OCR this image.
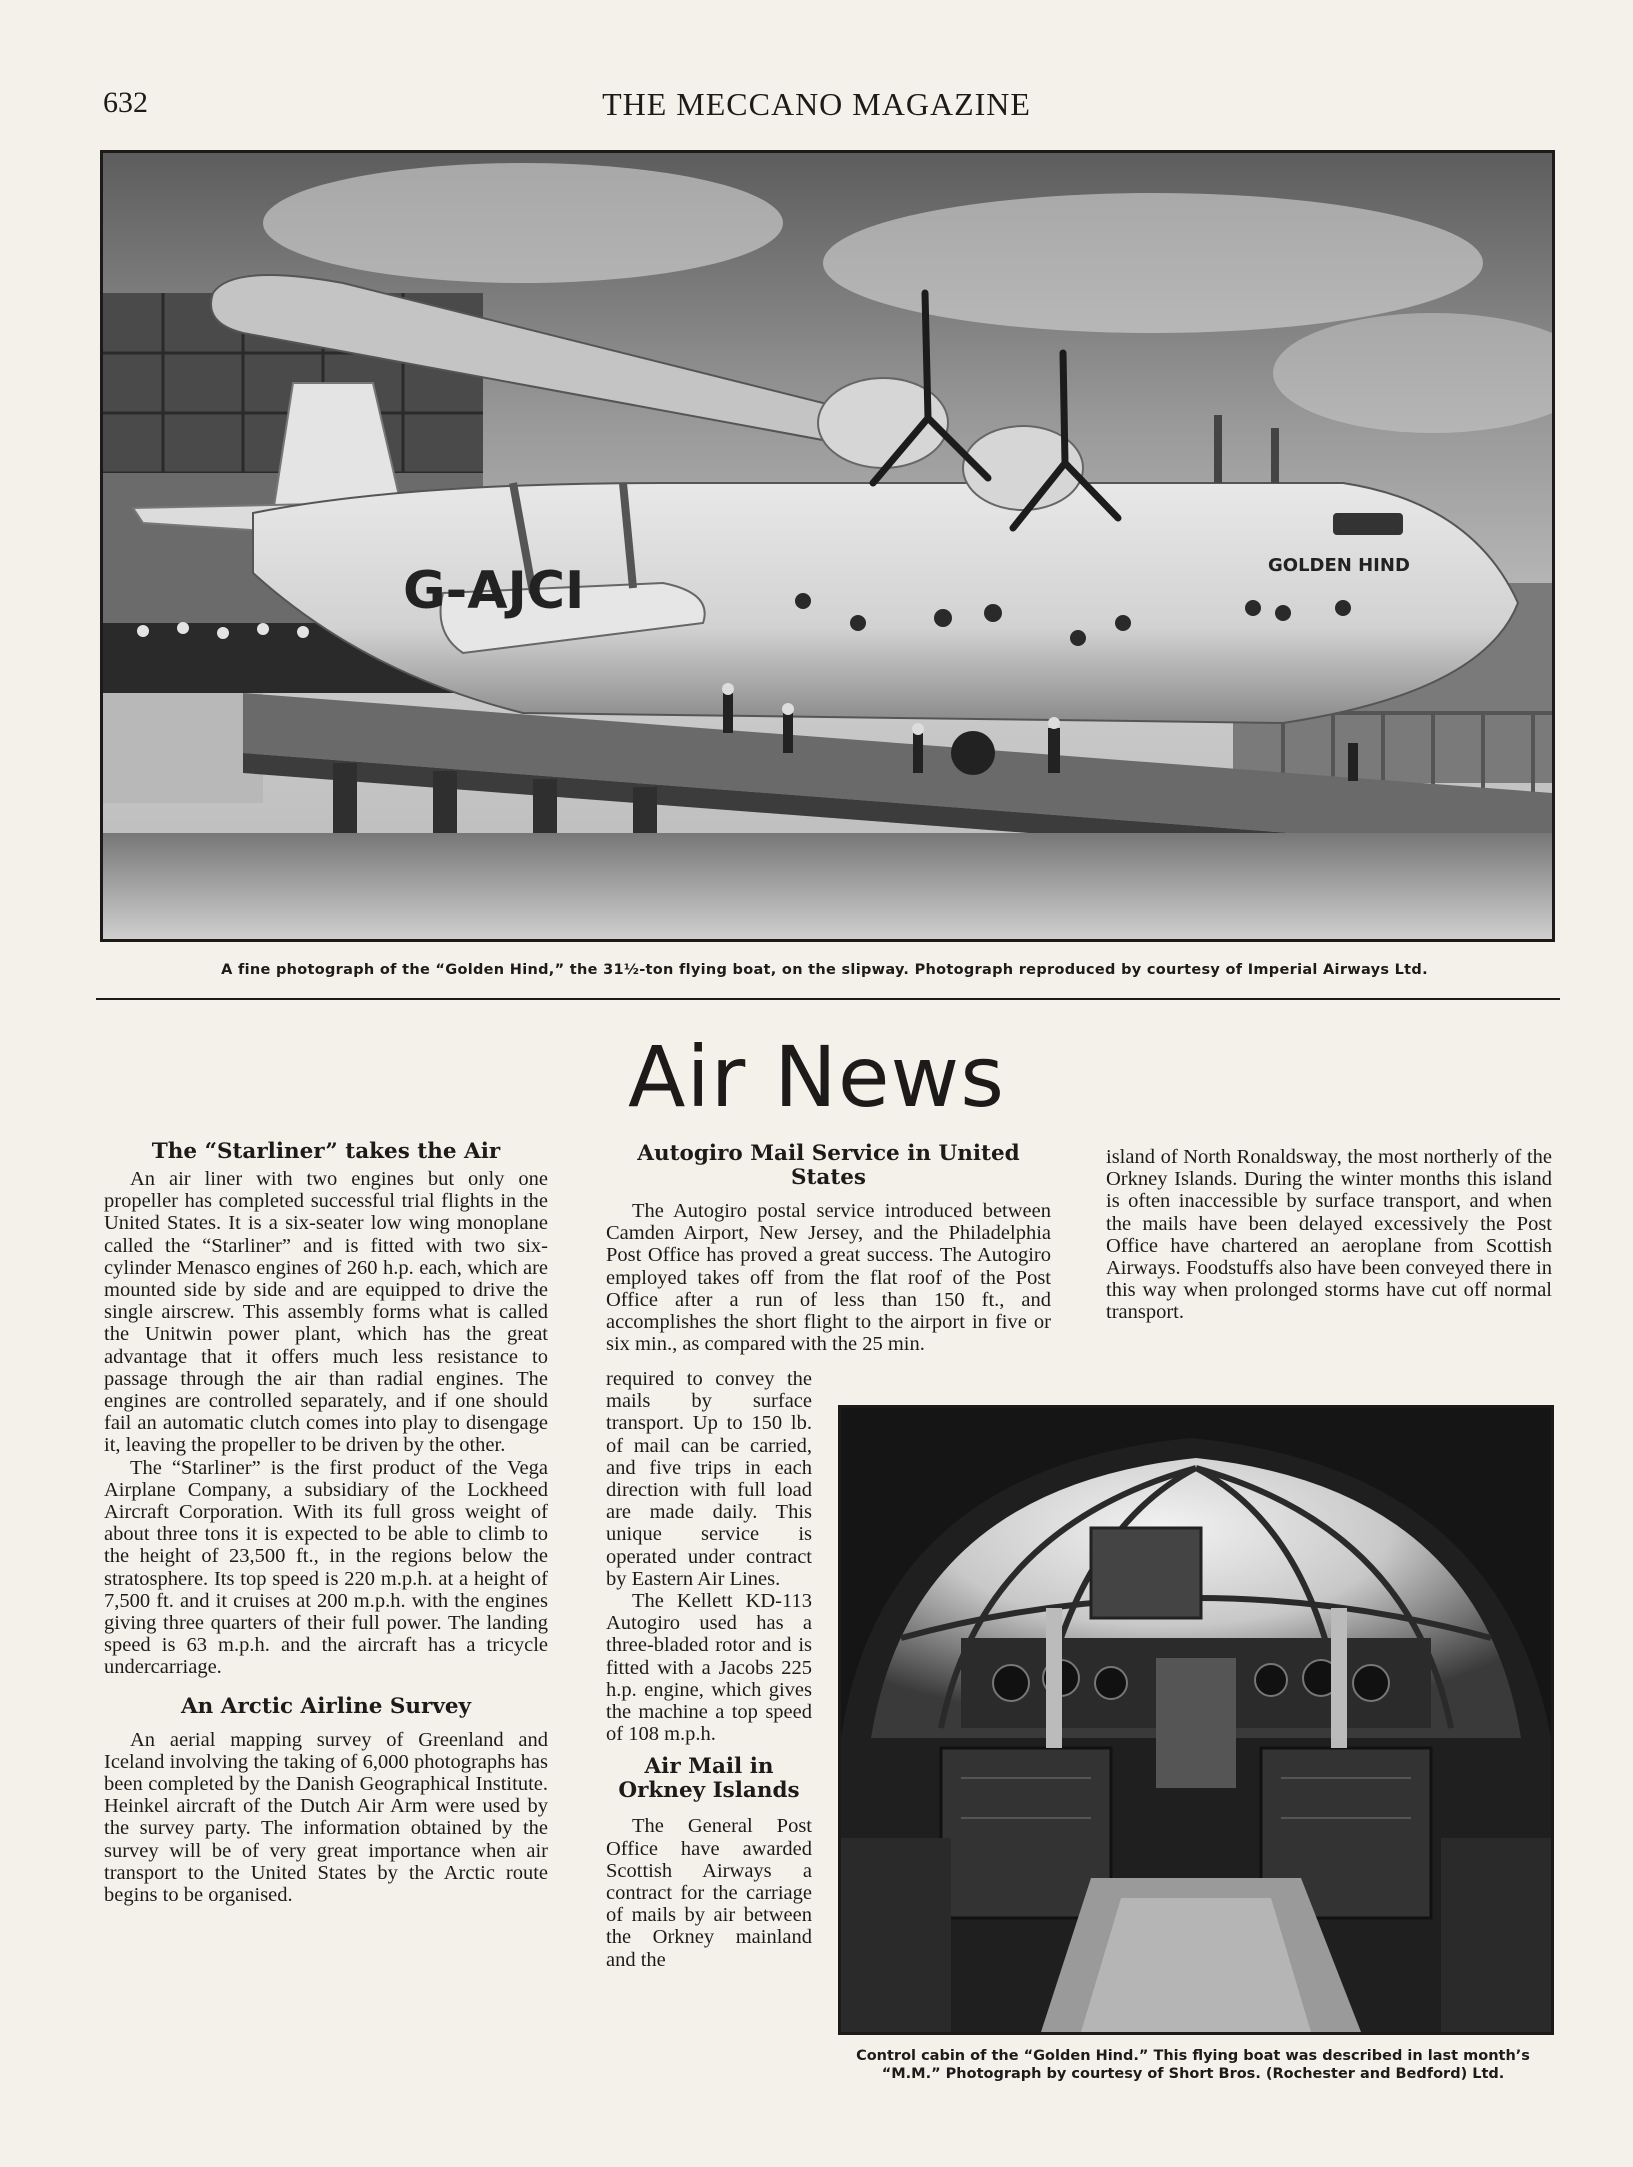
632	THE MECCANO MAGAZINE
G-AJCI	GOLDEN HIND
A fine photograph of the “Golden Hind,” the 31½-ton flying boat, on the slipway. Photograph reproduced by courtesy of Imperial Airways Ltd.
Air News
The “Starliner” takes the Air

An air liner with two engines but only one propeller has completed successful trial flights in the United States. It is a six-seater low wing monoplane called the “Starliner” and is fitted with two six-cylinder Menasco engines of 260 h.p. each, which are mounted side by side and are equipped to drive the single airscrew. This assembly forms what is called the Unitwin power plant, which has the great advantage that it offers much less resistance to passage through the air than radial engines. The engines are controlled separately, and if one should fail an automatic clutch comes into play to disengage it, leaving the propeller to be driven by the other.

The “Starliner” is the first product of the Vega Airplane Company, a subsidiary of the Lockheed Aircraft Corporation. With its full gross weight of about three tons it is expected to be able to climb to the height of 23,500 ft., in the regions below the stratosphere. Its top speed is 220 m.p.h. at a height of 7,500 ft. and it cruises at 200 m.p.h. with the engines giving three quarters of their full power. The landing speed is 63 m.p.h. and the aircraft has a tricycle undercarriage.

An Arctic Airline Survey

An aerial mapping survey of Greenland and Iceland involving the taking of 6,000 photographs has been completed by the Danish Geographical Institute. Heinkel aircraft of the Dutch Air Arm were used by the survey party. The information obtained by the survey will be of very great importance when air transport to the United States by the Arctic route begins to be organised.

Autogiro Mail Service in United States

The Autogiro postal service introduced between Camden Airport, New Jersey, and the Philadelphia Post Office has proved a great success. The Autogiro employed takes off from the flat roof of the Post Office after a run of less than 150 ft., and accomplishes the short flight to the airport in five or six min., as compared with the 25 min.

required to convey the mails by surface transport. Up to 150 lb. of mail can be carried, and five trips in each direction with full load are made daily. This unique service is operated under contract by Eastern Air Lines.

The Kellett KD-113 Autogiro used has a three-bladed rotor and is fitted with a Jacobs 225 h.p. engine, which gives the machine a top speed of 108 m.p.h.

Air Mail in Orkney Islands

The General Post Office have awarded Scottish Airways a contract for the carriage of mails by air between the Orkney mainland and the

island of North Ronaldsway, the most northerly of the Orkney Islands. During the winter months this island is often inaccessible by surface transport, and when the mails have been delayed excessively the Post Office have chartered an aeroplane from Scottish Airways. Foodstuffs also have been conveyed there in this way when prolonged storms have cut off normal transport.

Control cabin of the “Golden Hind.” This flying boat was described in last month’s
“M.M.” Photograph by courtesy of Short Bros. (Rochester and Bedford) Ltd.
